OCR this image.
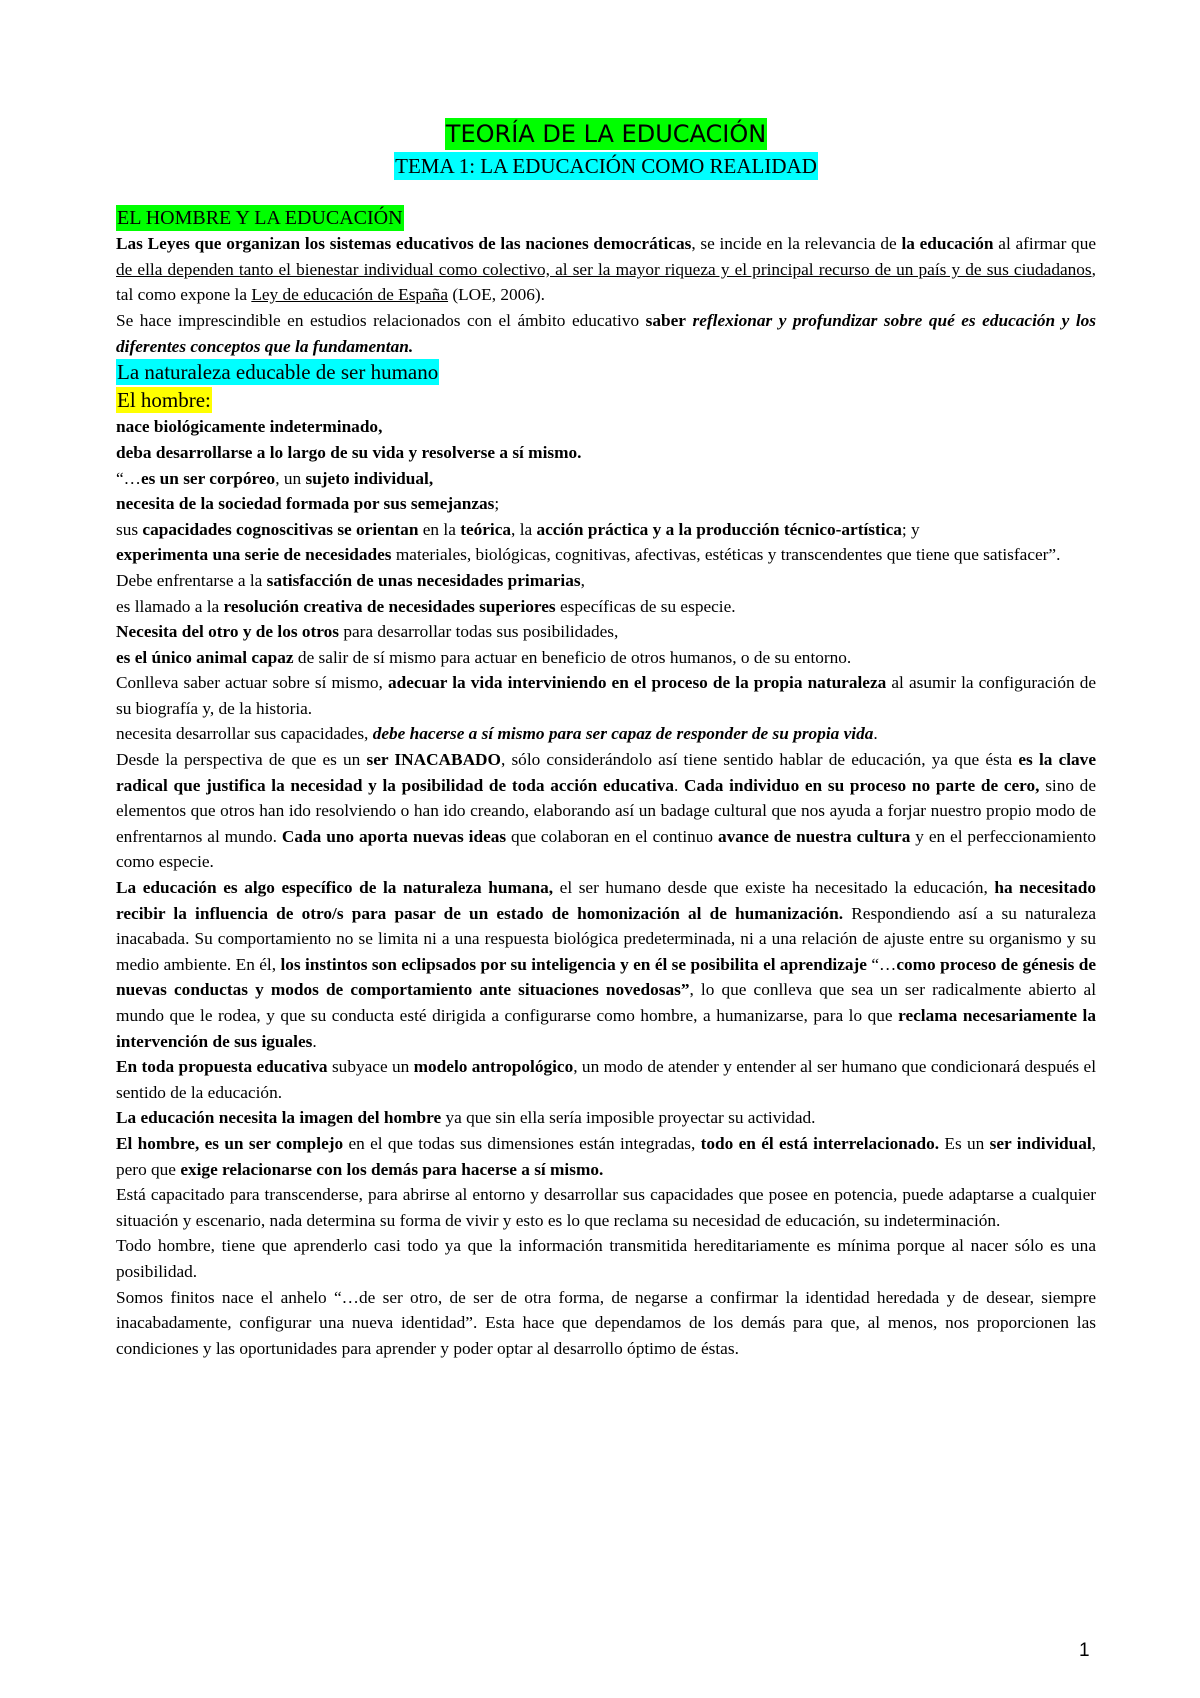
TEORÍA DE LA EDUCACIÓN
TEMA 1: LA EDUCACIÓN COMO REALIDAD
EL HOMBRE Y LA EDUCACIÓN

Las Leyes que organizan los sistemas educativos de las naciones democráticas, se incide en la relevancia de la educación al afirmar que de ella dependen tanto el bienestar individual como colectivo, al ser la mayor riqueza y el principal recurso de un país y de sus ciudadanos, tal como expone la Ley de educación de España (LOE, 2006).

Se hace imprescindible en estudios relacionados con el ámbito educativo saber reflexionar y profundizar sobre qué es educación y los diferentes conceptos que la fundamentan.

La naturaleza educable de ser humano
El hombre:

nace biológicamente indeterminado,

deba desarrollarse a lo largo de su vida y resolverse a sí mismo.

“…es un ser corpóreo, un sujeto individual,

necesita de la sociedad formada por sus semejanzas;

sus capacidades cognoscitivas se orientan en la teórica, la acción práctica y a la producción técnico-artística; y

experimenta una serie de necesidades materiales, biológicas, cognitivas, afectivas, estéticas y transcendentes que tiene que satisfacer”.

Debe enfrentarse a la satisfacción de unas necesidades primarias,

es llamado a la resolución creativa de necesidades superiores específicas de su especie.

Necesita del otro y de los otros para desarrollar todas sus posibilidades,

es el único animal capaz de salir de sí mismo para actuar en beneficio de otros humanos, o de su entorno.

Conlleva saber actuar sobre sí mismo, adecuar la vida interviniendo en el proceso de la propia naturaleza al asumir la configuración de su biografía y, de la historia.

necesita desarrollar sus capacidades, debe hacerse a sí mismo para ser capaz de responder de su propia vida.

Desde la perspectiva de que es un ser INACABADO, sólo considerándolo así tiene sentido hablar de educación, ya que ésta es la clave radical que justifica la necesidad y la posibilidad de toda acción educativa. Cada individuo en su proceso no parte de cero, sino de elementos que otros han ido resolviendo o han ido creando, elaborando así un badage cultural que nos ayuda a forjar nuestro propio modo de enfrentarnos al mundo. Cada uno aporta nuevas ideas que colaboran en el continuo avance de nuestra cultura y en el perfeccionamiento como especie.

La educación es algo específico de la naturaleza humana, el ser humano desde que existe ha necesitado la educación, ha necesitado recibir la influencia de otro/s para pasar de un estado de homonización al de humanización. Respondiendo así a su naturaleza inacabada. Su comportamiento no se limita ni a una respuesta biológica predeterminada, ni a una relación de ajuste entre su organismo y su medio ambiente. En él, los instintos son eclipsados por su inteligencia y en él se posibilita el aprendizaje “…como proceso de génesis de nuevas conductas y modos de comportamiento ante situaciones novedosas”, lo que conlleva que sea un ser radicalmente abierto al mundo que le rodea, y que su conducta esté dirigida a configurarse como hombre, a humanizarse, para lo que reclama necesariamente la intervención de sus iguales.

En toda propuesta educativa subyace un modelo antropológico, un modo de atender y entender al ser humano que condicionará después el sentido de la educación.

La educación necesita la imagen del hombre ya que sin ella sería imposible proyectar su actividad.

El hombre, es un ser complejo en el que todas sus dimensiones están integradas, todo en él está interrelacionado. Es un ser individual, pero que exige relacionarse con los demás para hacerse a sí mismo.

Está capacitado para transcenderse, para abrirse al entorno y desarrollar sus capacidades que posee en potencia, puede adaptarse a cualquier situación y escenario, nada determina su forma de vivir y esto es lo que reclama su necesidad de educación, su indeterminación.

Todo hombre, tiene que aprenderlo casi todo ya que la información transmitida hereditariamente es mínima porque al nacer sólo es una posibilidad.

Somos finitos nace el anhelo “…de ser otro, de ser de otra forma, de negarse a confirmar la identidad heredada y de desear, siempre inacabadamente, configurar una nueva identidad”. Esta hace que dependamos de los demás para que, al menos, nos proporcionen las condiciones y las oportunidades para aprender y poder optar al desarrollo óptimo de éstas.

1
